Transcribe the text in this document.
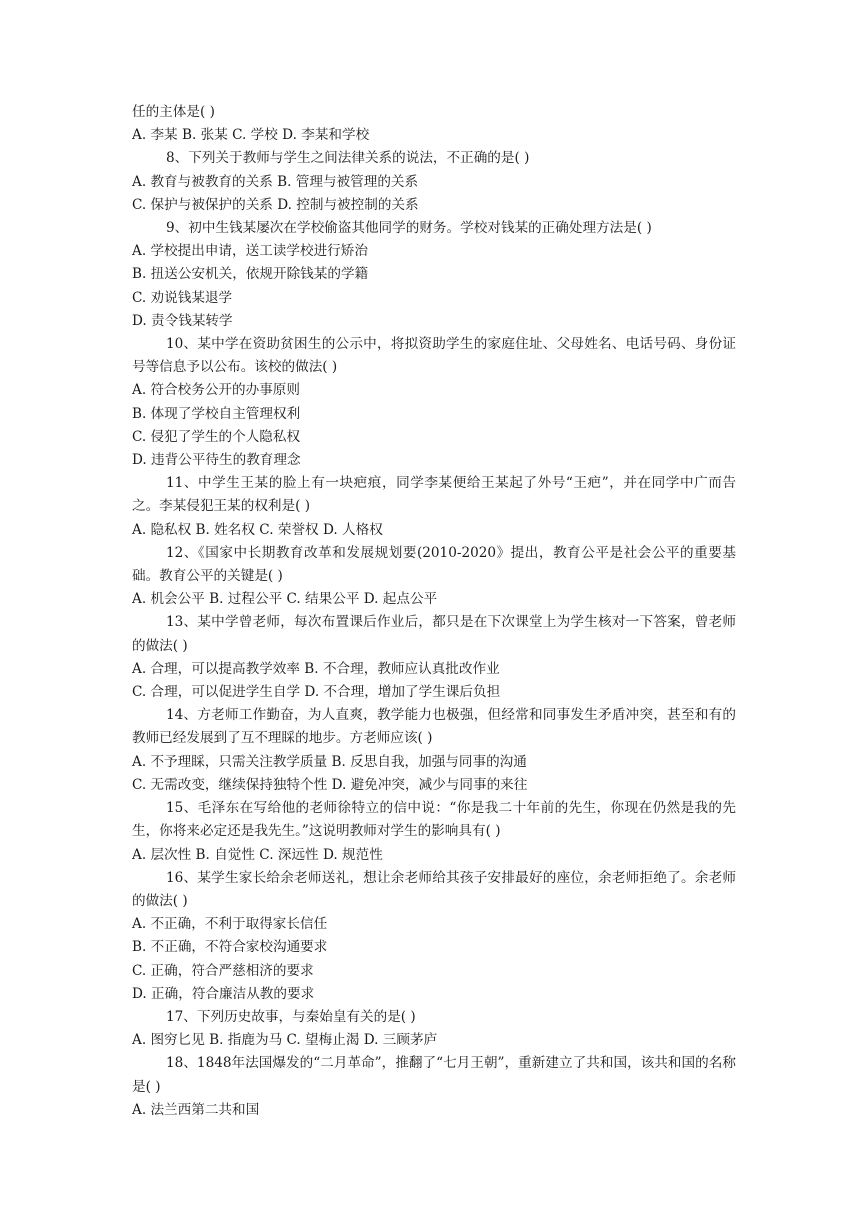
任的主体是( )

A. 李某 B. 张某 C. 学校 D. 李某和学校

8、下列关于教师与学生之间法律关系的说法，不正确的是( )

A. 教育与被教育的关系 B. 管理与被管理的关系

C. 保护与被保护的关系 D. 控制与被控制的关系

9、初中生钱某屡次在学校偷盗其他同学的财务。学校对钱某的正确处理方法是( )

A. 学校提出申请，送工读学校进行矫治

B. 扭送公安机关，依规开除钱某的学籍

C. 劝说钱某退学

D. 责令钱某转学

10、某中学在资助贫困生的公示中，将拟资助学生的家庭住址、父母姓名、电话号码、身份证号等信息予以公布。该校的做法( )

A. 符合校务公开的办事原则

B. 体现了学校自主管理权利

C. 侵犯了学生的个人隐私权

D. 违背公平待生的教育理念

11、中学生王某的脸上有一块疤痕，同学李某便给王某起了外号“王疤”，并在同学中广而告之。李某侵犯王某的权利是( )

A. 隐私权 B. 姓名权 C. 荣誉权 D. 人格权

12、《国家中长期教育改革和发展规划要(2010-2020》提出，教育公平是社会公平的重要基础。教育公平的关键是( )

A. 机会公平 B. 过程公平 C. 结果公平 D. 起点公平

13、某中学曾老师，每次布置课后作业后，都只是在下次课堂上为学生核对一下答案，曾老师的做法( )

A. 合理，可以提高教学效率 B. 不合理，教师应认真批改作业

C. 合理，可以促进学生自学 D. 不合理，增加了学生课后负担

14、方老师工作勤奋，为人直爽，教学能力也极强，但经常和同事发生矛盾冲突，甚至和有的教师已经发展到了互不理睬的地步。方老师应该( )

A. 不予理睬，只需关注教学质量 B. 反思自我，加强与同事的沟通

C. 无需改变，继续保持独特个性 D. 避免冲突，减少与同事的来往

15、毛泽东在写给他的老师徐特立的信中说：“你是我二十年前的先生，你现在仍然是我的先生，你将来必定还是我先生。”这说明教师对学生的影响具有( )

A. 层次性 B. 自觉性 C. 深远性 D. 规范性

16、某学生家长给余老师送礼，想让余老师给其孩子安排最好的座位，余老师拒绝了。余老师的做法( )

A. 不正确，不利于取得家长信任

B. 不正确，不符合家校沟通要求

C. 正确，符合严慈相济的要求

D. 正确，符合廉洁从教的要求

17、下列历史故事，与秦始皇有关的是( )

A. 图穷匕见 B. 指鹿为马 C. 望梅止渴 D. 三顾茅庐

18、1848年法国爆发的“二月革命”，推翻了“七月王朝”，重新建立了共和国，该共和国的名称是( )

A. 法兰西第二共和国
